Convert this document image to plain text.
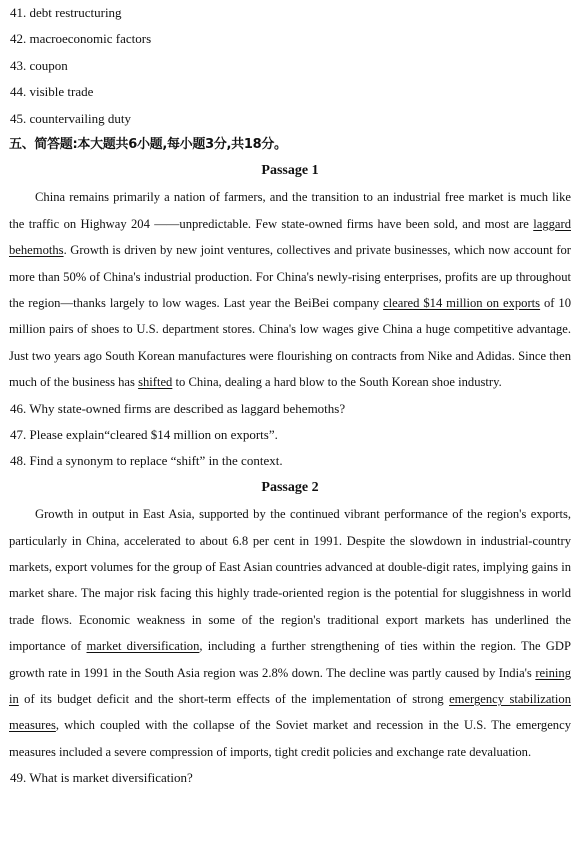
41. debt restructuring
42. macroeconomic factors
43. coupon
44. visible trade
45. countervailing duty
五、简答题:本大题共6小题,每小题3分,共18分。
Passage 1

China remains primarily a nation of farmers, and the transition to an industrial free market is much like the traffic on Highway 204 ——unpredictable. Few state-owned firms have been sold, and most are laggard behemoths. Growth is driven by new joint ventures, collectives and private businesses, which now account for more than 50% of China's industrial production. For China's newly-rising enterprises, profits are up throughout the region—thanks largely to low wages. Last year the BeiBei company cleared $14 million on exports of 10 million pairs of shoes to U.S. department stores. China's low wages give China a huge competitive advantage. Just two years ago South Korean manufactures were flourishing on contracts from Nike and Adidas. Since then much of the business has shifted to China, dealing a hard blow to the South Korean shoe industry.

46. Why state-owned firms are described as laggard behemoths?
47. Please explain“cleared $14 million on exports”.
48. Find a synonym to replace “shift” in the context.
Passage 2

Growth in output in East Asia, supported by the continued vibrant performance of the region's exports, particularly in China, accelerated to about 6.8 per cent in 1991. Despite the slowdown in industrial-country markets, export volumes for the group of East Asian countries advanced at double-digit rates, implying gains in market share. The major risk facing this highly trade-oriented region is the potential for sluggishness in world trade flows. Economic weakness in some of the region's traditional export markets has underlined the importance of market diversification, including a further strengthening of ties within the region. The GDP growth rate in 1991 in the South Asia region was 2.8% down. The decline was partly caused by India's reining in of its budget deficit and the short-term effects of the implementation of strong emergency stabilization measures, which coupled with the collapse of the Soviet market and recession in the U.S. The emergency measures included a severe compression of imports, tight credit policies and exchange rate devaluation.

49. What is market diversification?
